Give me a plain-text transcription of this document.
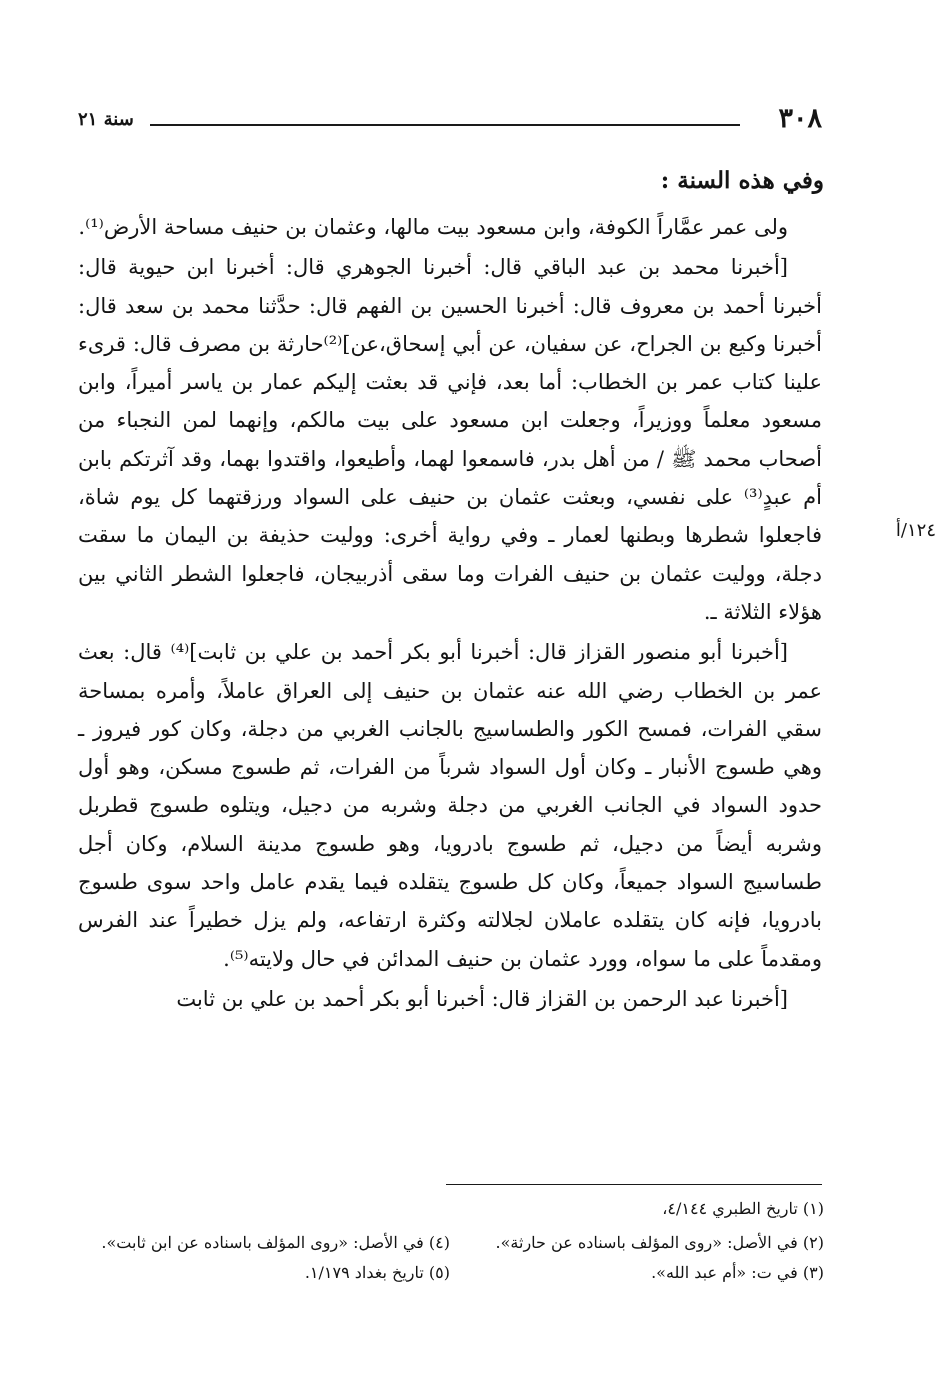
٣٠٨
سنة ٢١
وفي هذه السنة :
١٢٤/أ

ولى عمر عمَّاراً الكوفة، وابن مسعود بيت مالها، وعثمان بن حنيف مساحة الأرض⁽¹⁾.

[أخبرنا محمد بن عبد الباقي قال: أخبرنا الجوهري قال: أخبرنا ابن حيوية قال: أخبرنا أحمد بن معروف قال: أخبرنا الحسين بن الفهم قال: حدَّثنا محمد بن سعد قال: أخبرنا وكيع بن الجراح، عن سفيان، عن أبي إسحاق،عن]⁽²⁾حارثة بن مصرف قال: قرىء علينا كتاب عمر بن الخطاب: أما بعد، فإني قد بعثت إليكم عمار بن ياسر أميراً، وابن مسعود معلماً ووزيراً، وجعلت ابن مسعود على بيت مالكم، وإنهما لمن النجباء من أصحاب محمد ﷺ / من أهل بدر، فاسمعوا لهما، وأطيعوا، واقتدوا بهما، وقد آثرتكم بابن أم عبدٍ⁽³⁾ على نفسي، وبعثت عثمان بن حنيف على السواد ورزقتهما كل يوم شاة، فاجعلوا شطرها وبطنها لعمار ـ وفي رواية أخرى: ووليت حذيفة بن اليمان ما سقت دجلة، ووليت عثمان بن حنيف الفرات وما سقى أذربيجان، فاجعلوا الشطر الثاني بين هؤلاء الثلاثة ـ.

[أخبرنا أبو منصور القزاز قال: أخبرنا أبو بكر أحمد بن علي بن ثابت]⁽⁴⁾ قال: بعث عمر بن الخطاب رضي الله عنه عثمان بن حنيف إلى العراق عاملاً، وأمره بمساحة سقي الفرات، فمسح الكور والطساسيج بالجانب الغربي من دجلة، وكان كور فيروز ـ وهي طسوج الأنبار ـ وكان أول السواد شرباً من الفرات، ثم طسوج مسكن، وهو أول حدود السواد في الجانب الغربي من دجلة وشربه من دجيل، ويتلوه طسوج قطربل وشربه أيضاً من دجيل، ثم طسوج بادرويا، وهو طسوج مدينة السلام، وكان أجل طساسيج السواد جميعاً، وكان كل طسوج يتقلده فيما يقدم عامل واحد سوى طسوج بادرويا، فإنه كان يتقلده عاملان لجلالته وكثرة ارتفاعه، ولم يزل خطيراً عند الفرس ومقدماً على ما سواه، وورد عثمان بن حنيف المدائن في حال ولايته⁽⁵⁾.

[أخبرنا عبد الرحمن بن القزاز قال: أخبرنا أبو بكر أحمد بن علي بن ثابت

(١) تاريخ الطبري ٤/١٤٤،
(٢) في الأصل: «روى المؤلف باسناده عن حارثة».
(٣) في ت: «أم عبد الله».
(٤) في الأصل: «روى المؤلف باسناده عن ابن ثابت».
(٥) تاريخ بغداد ١/١٧٩.
